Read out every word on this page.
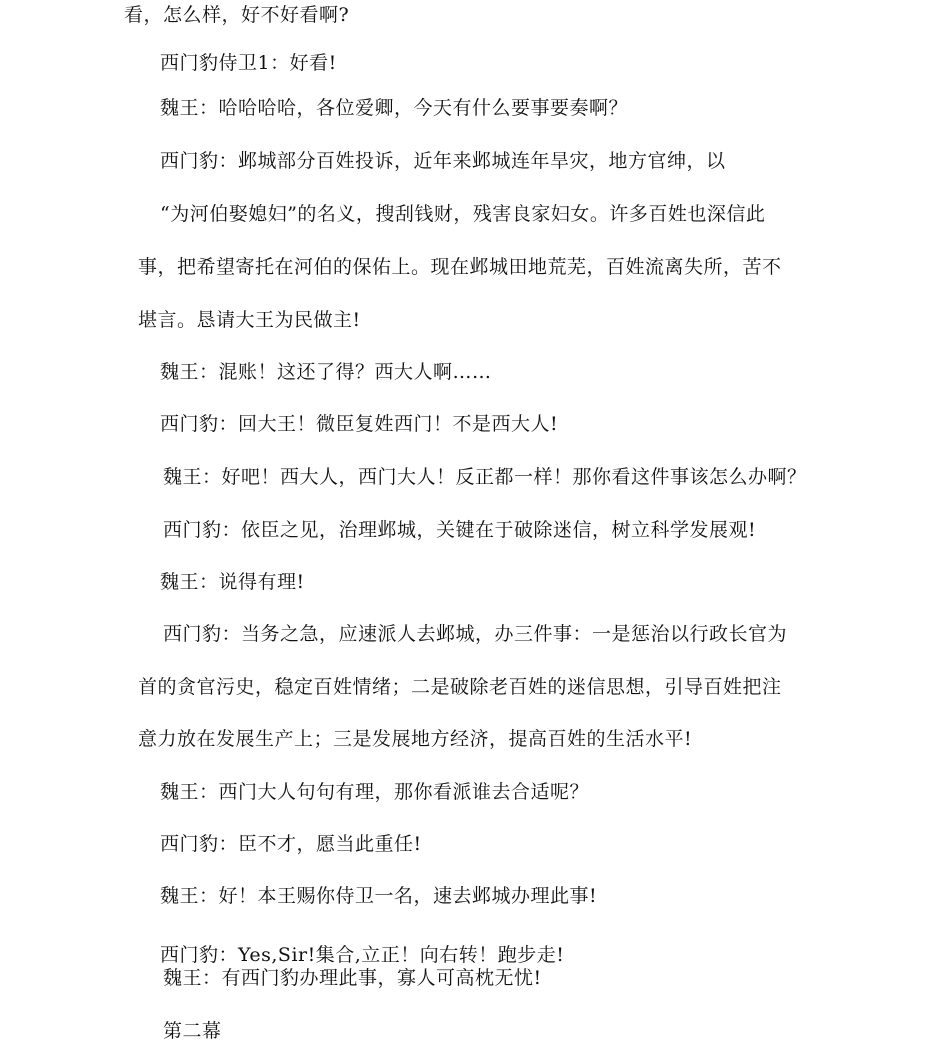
看，怎么样，好不好看啊?
西门豹侍卫1：好看!
魏王：哈哈哈哈，各位爱卿，今天有什么要事要奏啊？
西门豹：邺城部分百姓投诉，近年来邺城连年旱灾，地方官绅，以
“为河伯娶媳妇”的名义，搜刮钱财，残害良家妇女。许多百姓也深信此
事，把希望寄托在河伯的保佑上。现在邺城田地荒芜，百姓流离失所，苦不
堪言。恳请大王为民做主!
魏王：混账！这还了得？西大人啊……
西门豹：回大王！微臣复姓西门！不是西大人!
魏王：好吧！西大人，西门大人！反正都一样！那你看这件事该怎么办啊？
西门豹：依臣之见，治理邺城，关键在于破除迷信，树立科学发展观!
魏王：说得有理!
西门豹：当务之急，应速派人去邺城，办三件事：一是惩治以行政长官为
首的贪官污史，稳定百姓情绪；二是破除老百姓的迷信思想，引导百姓把注
意力放在发展生产上；三是发展地方经济，提高百姓的生活水平!
魏王：西门大人句句有理，那你看派谁去合适呢？
西门豹：臣不才，愿当此重任!
魏王：好！本王赐你侍卫一名，速去邺城办理此事!
西门豹：Yes,Sir!集合,立正！向右转！跑步走!
魏王：有西门豹办理此事，寡人可高枕无忧!
第二幕
